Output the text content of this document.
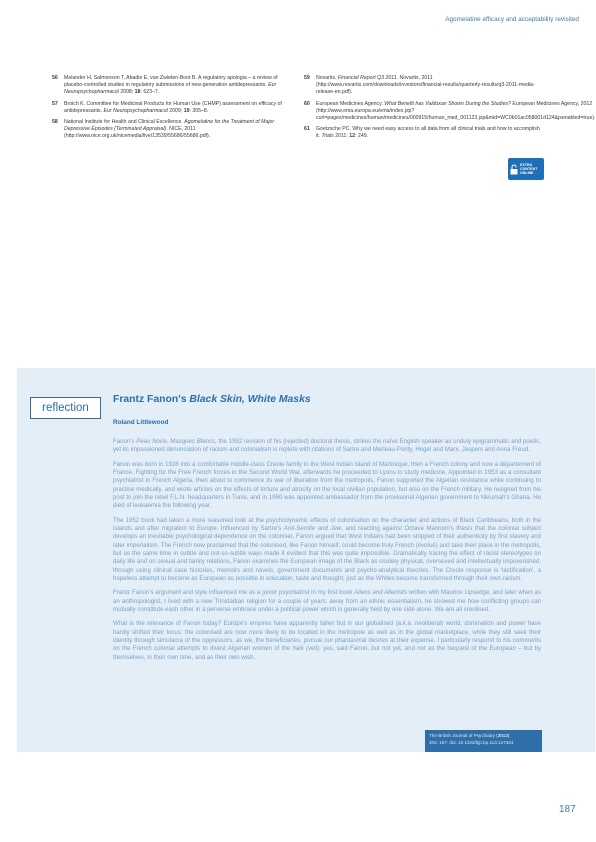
Agomelatine efficacy and acceptability revisited
56	Melander H, Salmonson T, Abadie E, van Zwieten-Boot B. A regulatory apologia – a review of placebo-controlled studies in regulatory submissions of new-generation antidepressants. Eur Neuropsychopharmacol 2008; 18: 623–7.
57	Broich K. Committee for Medicinal Products for Human Use (CHMP) assessment on efficacy of antidepressants. Eur Neuropsychopharmacol 2009; 19: 305–8.
58	National Institute for Health and Clinical Excellence. Agomelatine for the Treatment of Major Depressive Episodes (Terminated Appraisal). NICE, 2011 (http://www.nice.org.uk/nicemedia/live/13539/55686/55686.pdf).
59	Novartis. Financial Report Q3 2011. Novartis, 2011 (http://www.novartis.com/downloads/investors/financial-results/quarterly-results/q3-2011-media-release-en.pdf).
60	European Medicines Agency. What Benefit has Valdoxan Shown During the Studies? European Medicines Agency, 2012 (http://www.ema.europa.eu/ema/index.jsp?curl=pages/medicines/human/medicines/000915/human_med_001123.jsp&mid=WC0b01ac058001d124&jsenabled=true).
61	Goetzsche PC. Why we need easy access to all data from all clinical trials and how to accomplish it. Trials 2011; 12: 249.
EXTRA
CONTENT
ONLINE
reflection
Frantz Fanon's Black Skin, White Masks
Roland Littlewood

Fanon's Peau Noire, Masques Blancs, the 1952 revision of his (rejected) doctoral thesis, strikes the naïve English speaker as unduly epigrammatic and poetic, yet its impassioned denunciation of racism and colonialism is replete with citations of Sartre and Merleau-Ponty, Hegel and Marx, Jaspers and Anna Freud.

Fanon was born in 1928 into a comfortable middle-class Creole family in the West Indian island of Martinique, then a French colony and now a département of France. Fighting for the Free French forces in the Second World War, afterwards he proceeded to Lyons to study medicine. Appointed in 1953 as a consultant psychiatrist in French Algeria, then about to commence its war of liberation from the metropolis, Fanon supported the Algerian resistance while continuing to practise medically, and wrote articles on the effects of torture and atrocity on the local civilian population, but also on the French military. He resigned from his post to join the rebel F.L.N. headquarters in Tunis, and in 1960 was appointed ambassador from the provisional Algerian government to Nkrumah's Ghana. He died of leukaemia the following year.

The 1952 book had taken a more reasoned look at the psychodynamic effects of colonisation on the character and actions of Black Caribbeans, both in the islands and after migration to Europe. Influenced by Sartre's Anti-Semite and Jew, and reacting against Octave Mannoni's thesis that the colonial subject develops an inevitable psychological dependence on the coloniser, Fanon argued that West Indians had been stripped of their authenticity by first slavery and later imperialism. The French now proclaimed that the colonised, like Fanon himself, could become truly French (évolué) and take their place in the metropolis, but as the same time in subtle and not-so-subtle ways made it evident that this was quite impossible. Dramatically tracing the effect of racist stereotypes on daily life and on sexual and family relations, Fanon examines the European image of the Black as crudely physical, oversexed and intellectually impoverished, through using clinical case histories, memoirs and novels, government documents and psycho-analytical theories. The Creole response is 'lactification', a hopeless attempt to become as European as possible in education, taste and thought, just as the Whites become transformed through their own racism.

Frantz Fanon's argument and style influenced me as a junior psychiatrist in my first book Aliens and Alienists written with Maurice Lipsedge, and later when as an anthropologist, I lived with a new Trinidadian religion for a couple of years: away from an ethnic essentialism, he showed me how conflicting groups can mutually constitute each other in a perverse embrace under a political power which is generally held by one side alone. We are all creolised.

What is the relevance of Fanon today? Europe's empires have apparently fallen but in our globalised (a.k.a. neoliberal) world, domination and power have hardly shifted their locus: the colonised are now more likely to be located in the metropole as well as in the global marketplace, while they still seek their identity through simulacra of the oppressors, as we, the beneficiaries, pursue our phantasmal desires at their expense. I particularly respond to his comments on the French colonial attempts to divest Algerian women of the haik (veil): yes, said Fanon, but not yet, and not as the bequest of the European – but by themselves, in their own time, and as their own wish.

The British Journal of Psychiatry (2013)
203, 187. doi: 10.1192/bjp.bp.113.127324
187
